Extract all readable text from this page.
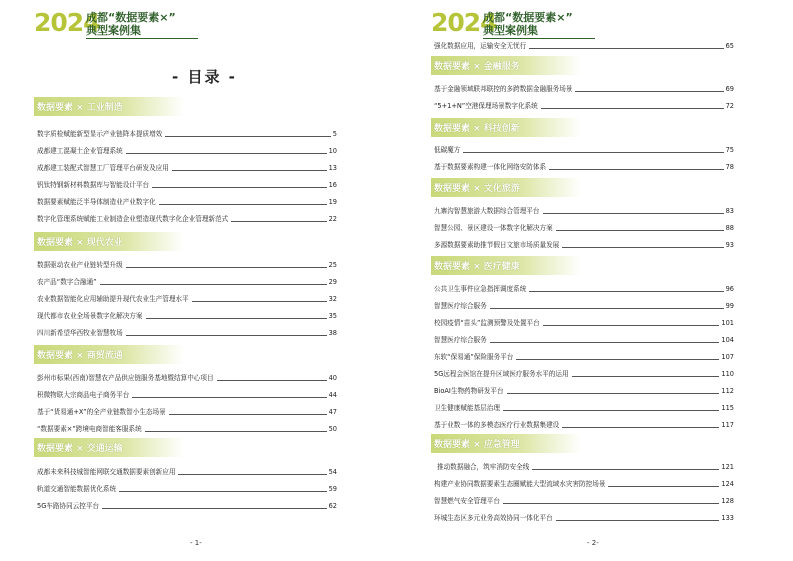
2024
成都“数据要素×”
典型案例集
- 目录 -
数据要素 × 工业制造
数字质检赋能新型显示产业链降本提质增效	5
成都建工混凝土企业管理系统	10
成都建工装配式智慧工厂管理平台研发及应用	13
钒钛特钢新材料数据库与智能设计平台	16
数据要素赋能泛半导体制造业产业数字化	19
数字化管理系统赋能工业制造企业塑造现代数字化企业管理新范式	22
数据要素 × 现代农业
数据驱动农业产业链转型升级	25
农产品“数字合融通”	29
农业数据智能化应用辅助提升现代农业生产管理水平	32
现代都市农业全场景数字化解决方案	35
四川新希望华西牧业智慧牧场	38
数据要素 × 商贸流通
彭州市标果(西南)智慧农产品供应链服务基地暨结算中心项目	40
积微物联大宗商品电子商务平台	44
基于“货易通+X”的全产业链数智小生态场景	47
“数据要素×”跨境电商智能客服系统	50
数据要素 × 交通运输
成都未来科技城智能网联交通数据要素创新应用	54
轨道交通智能数据优化系统	59
5G车路协同云控平台	62
- 1-
2024
成都“数据要素×”
典型案例集
强化数据应用，运输安全无忧行	65
数据要素 × 金融服务
基于金融领域联邦联控的多跨数据金融服务场景	69
“5+1+N”空港保理场景数字化系统	72
数据要素 × 科技创新
低碳魔方	75
基于数据要素构建一体化网络安防体系	78
数据要素 × 文化旅游
九寨沟智慧旅游大数据综合管理平台	83
智慧公园、景区建设一体数字化解决方案	88
多源数据要素助推节假日文旅市场质量发展	93
数据要素 × 医疗健康
公共卫生事件应急指挥调度系统	96
智慧医疗综合服务	99
校园疫情“苗头”监测预警及处置平台	101
智慧医疗综合服务	104
东软“保易通”保险服务平台	107
5G远程会医馆在提升区域医疗服务水平的运用	110
BioAI生物药物研发平台	112
卫生健康赋能基层治理	115
基于业数一体的多模态医疗行业数据集建设	117
数据要素 × 应急管理
推动数据融合，筑牢消防安全线	121
构建产业协同数据要素生态圈赋能大型流域水灾害防控场景	124
智慧燃气安全管理平台	128
环城生态区多元业务高效协同一体化平台	133
- 2-
